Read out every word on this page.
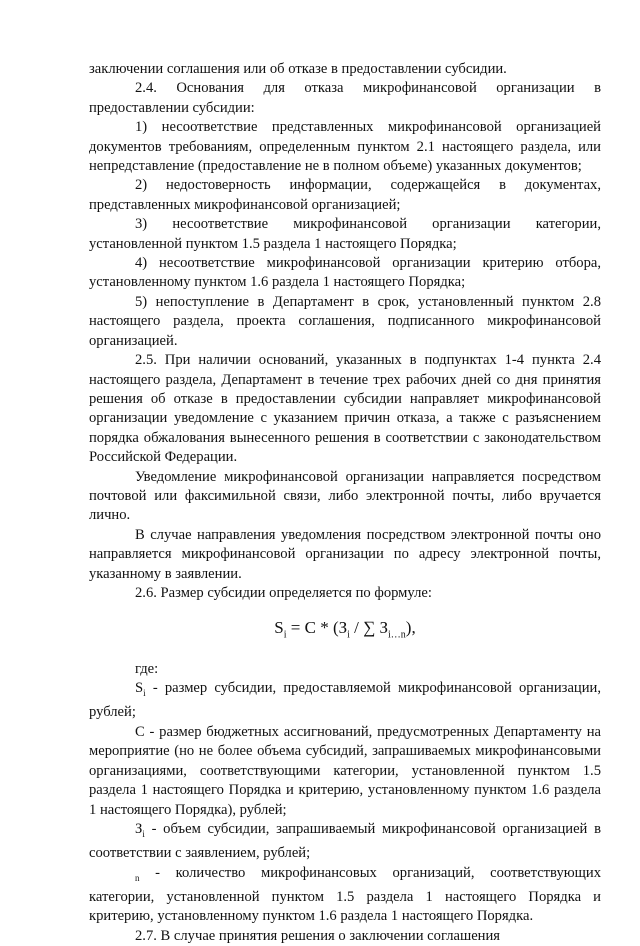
заключении соглашения или об отказе в предоставлении субсидии.

2.4. Основания для отказа микрофинансовой организации в предоставлении субсидии:

1) несоответствие представленных микрофинансовой организацией документов требованиям, определенным пунктом 2.1 настоящего раздела, или непредставление (предоставление не в полном объеме) указанных документов;

2) недостоверность информации, содержащейся в документах, представленных микрофинансовой организацией;

3) несоответствие микрофинансовой организации категории, установленной пунктом 1.5 раздела 1 настоящего Порядка;

4) несоответствие микрофинансовой организации критерию отбора, установленному пунктом 1.6 раздела 1 настоящего Порядка;

5) непоступление в Департамент в срок, установленный пунктом 2.8 настоящего раздела, проекта соглашения, подписанного микрофинансовой организацией.

2.5. При наличии оснований, указанных в подпунктах 1-4 пункта 2.4 настоящего раздела, Департамент в течение трех рабочих дней со дня принятия решения об отказе в предоставлении субсидии направляет микрофинансовой организации уведомление с указанием причин отказа, а также с разъяснением порядка обжалования вынесенного решения в соответствии с законодательством Российской Федерации.

Уведомление микрофинансовой организации направляется посредством почтовой или факсимильной связи, либо электронной почты, либо вручается лично.

В случае направления уведомления посредством электронной почты оно направляется микрофинансовой организации по адресу электронной почты, указанному в заявлении.

2.6. Размер субсидии определяется по формуле:

$S_i = C * (З_i$ / ∑ $З_{i\dots n}$),

где:

$S_i$ - размер субсидии, предоставляемой микрофинансовой организации, рублей;

С - размер бюджетных ассигнований, предусмотренных Департаменту на мероприятие (но не более объема субсидий, запрашиваемых микрофинансовыми организациями, соответствующими категории, установленной пунктом 1.5 раздела 1 настоящего Порядка и критерию, установленному пунктом 1.6 раздела 1 настоящего Порядка), рублей;

$З_i$ - объем субсидии, запрашиваемый микрофинансовой организацией в соответствии с заявлением, рублей;

$_n$ - количество микрофинансовых организаций, соответствующих категории, установленной пунктом 1.5 раздела 1 настоящего Порядка и критерию, установленному пунктом 1.6 раздела 1 настоящего Порядка.

2.7. В случае принятия решения о заключении соглашения
